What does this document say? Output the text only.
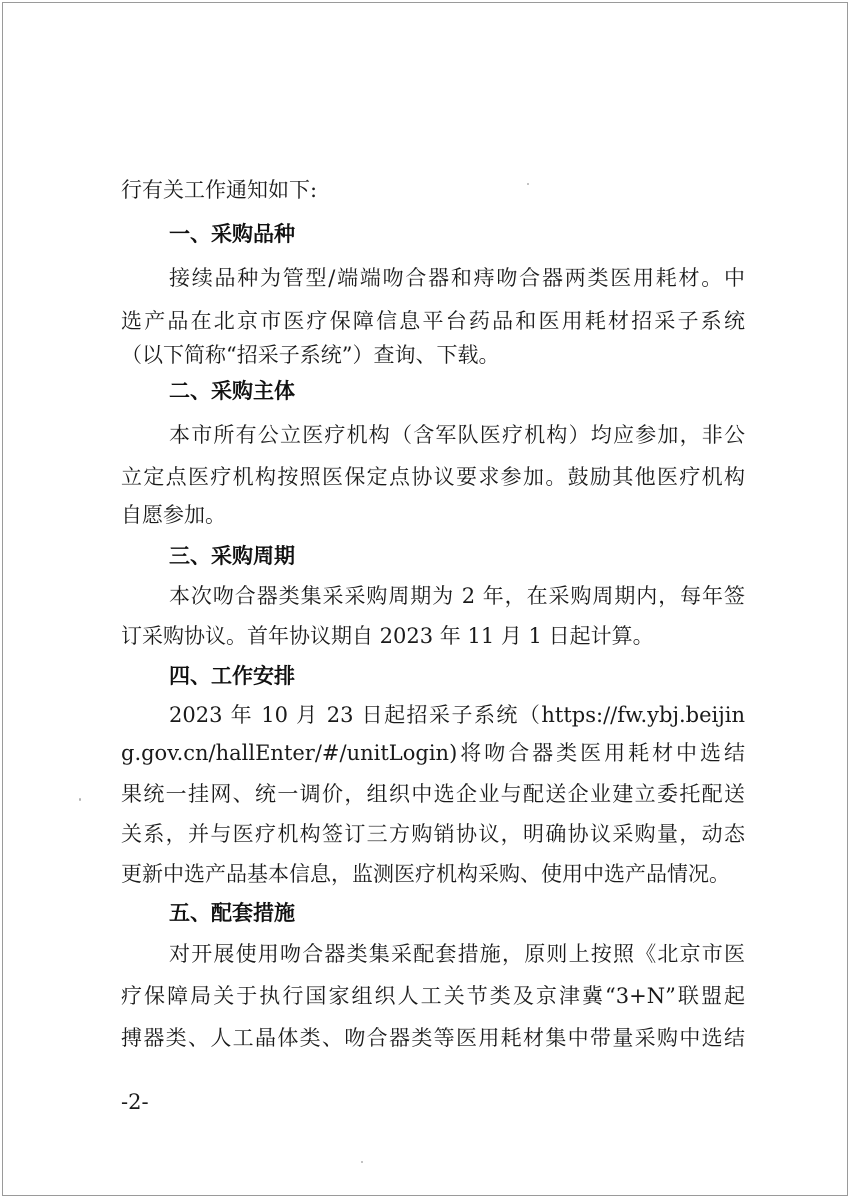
行有关工作通知如下:
一、采购品种
接续品种为管型/端端吻合器和痔吻合器两类医用耗材。中
选产品在北京市医疗保障信息平台药品和医用耗材招采子系统
（以下简称“招采子系统”）查询、下载。
二、采购主体
本市所有公立医疗机构（含军队医疗机构）均应参加，非公
立定点医疗机构按照医保定点协议要求参加。鼓励其他医疗机构
自愿参加。
三、采购周期
本次吻合器类集采采购周期为 2 年，在采购周期内，每年签
订采购协议。首年协议期自 2023 年 11 月 1 日起计算。
四、工作安排
2023 年 10 月 23 日起招采子系统（https://fw.ybj.beijin
g.gov.cn/hallEnter/#/unitLogin)将吻合器类医用耗材中选结
果统一挂网、统一调价，组织中选企业与配送企业建立委托配送
关系，并与医疗机构签订三方购销协议，明确协议采购量，动态
更新中选产品基本信息，监测医疗机构采购、使用中选产品情况。
五、配套措施
对开展使用吻合器类集采配套措施，原则上按照《北京市医
疗保障局关于执行国家组织人工关节类及京津冀“3+N”联盟起
搏器类、人工晶体类、吻合器类等医用耗材集中带量采购中选结
-2-
